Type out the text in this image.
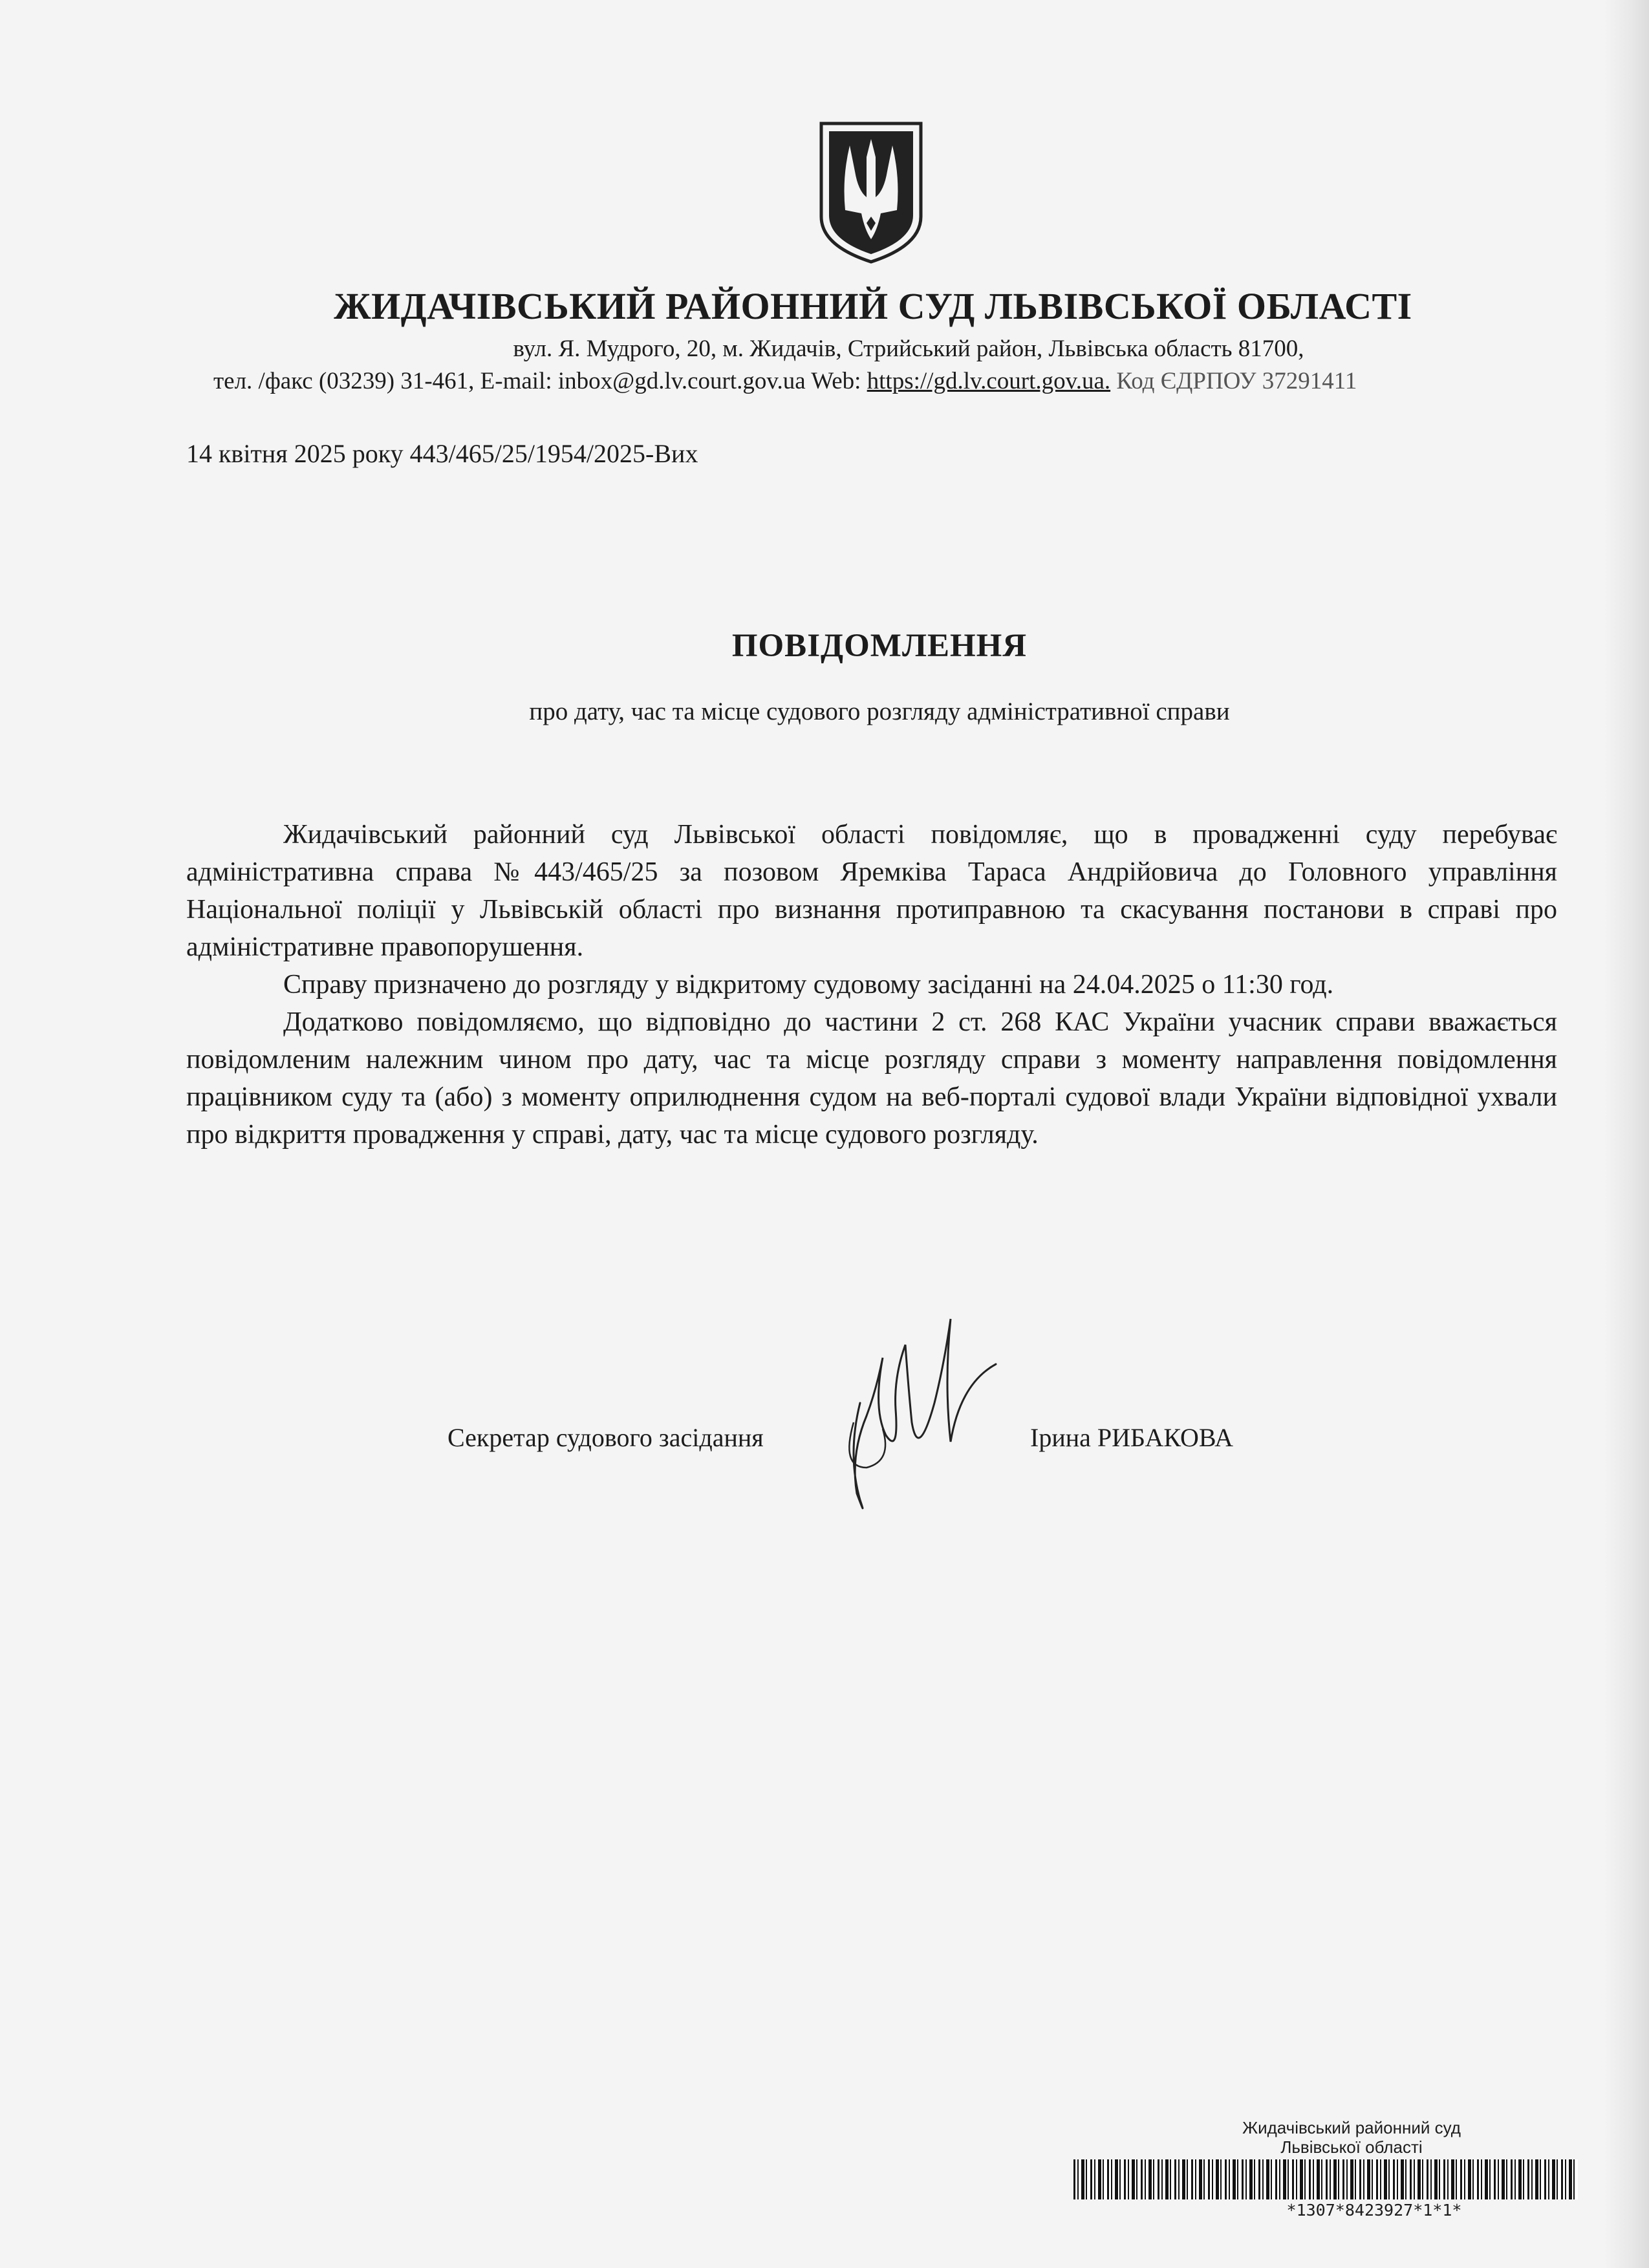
ЖИДАЧІВСЬКИЙ РАЙОННИЙ СУД ЛЬВІВСЬКОЇ ОБЛАСТІ
вул. Я. Мудрого, 20, м. Жидачів, Стрийський район, Львівська область 81700,
тел. /факс (03239) 31-461, E-mail: inbox@gd.lv.court.gov.ua Web: https://gd.lv.court.gov.ua. Код ЄДРПОУ 37291411
14 квітня 2025 року 443/465/25/1954/2025-Вих
ПОВІДОМЛЕННЯ
про дату, час та місце судового розгляду адміністративної справи

Жидачівський районний суд Львівської області повідомляє, що в провадженні суду перебуває адміністративна справа №443/465/25 за позовом Яремківа Тараса Андрійовича до Головного управління Національної поліції у Львівській області про визнання протиправною та скасування постанови в справі про адміністративне правопорушення.

Справу призначено до розгляду у відкритому судовому засіданні на 24.04.2025 о 11:30 год.

Додатково повідомляємо, що відповідно до частини 2 ст. 268 КАС України учасник справи вважається повідомленим належним чином про дату, час та місце розгляду справи з моменту направлення повідомлення працівником суду та (або) з моменту оприлюднення судом на веб-порталі судової влади України відповідної ухвали про відкриття провадження у справі, дату, час та місце судового розгляду.

Секретар судового засідання	Ірина РИБАКОВА
Жидачівський районний суд
Львівської області
*1307*8423927*1*1*
